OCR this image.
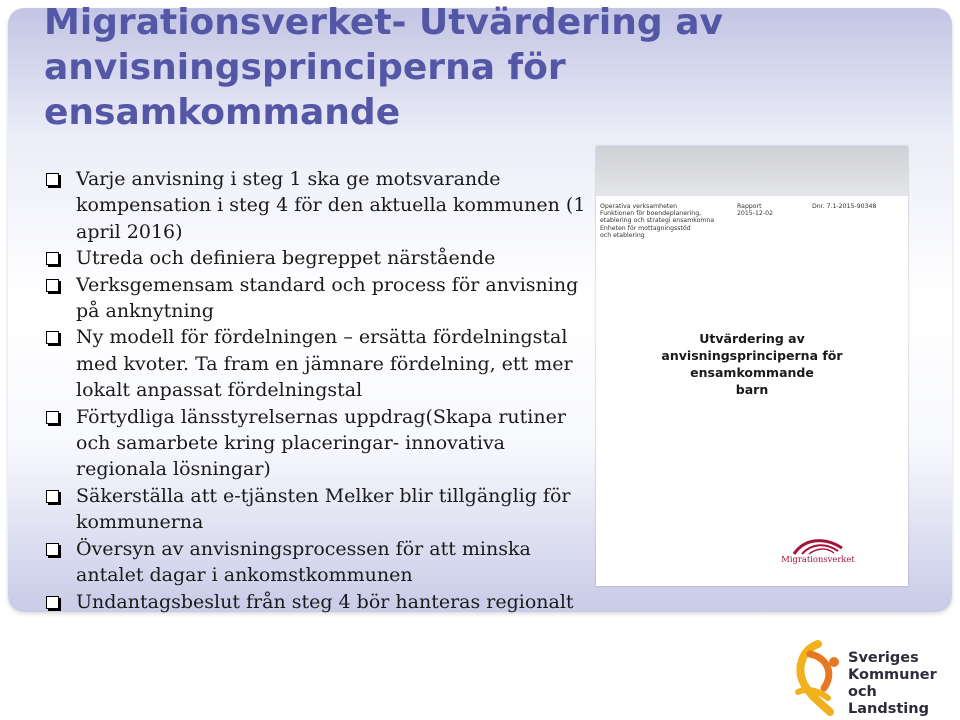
Migrationsverket- Utvärdering av anvisningsprinciperna för ensamkommande
Varje anvisning i steg 1 ska ge motsvarande kompensation i steg 4 för den aktuella kommunen (1 april 2016)
Utreda och definiera begreppet närstående
Verksgemensam standard och process för anvisning på anknytning
Ny modell för fördelningen – ersätta fördelningstal med kvoter. Ta fram en jämnare fördelning, ett mer lokalt anpassat fördelningstal
Förtydliga länsstyrelsernas uppdrag(Skapa rutiner och samarbete kring placeringar- innovativa regionala lösningar)
Säkerställa att e-tjänsten Melker blir tillgänglig för kommunerna
Översyn av anvisningsprocessen för att minska antalet dagar i ankomstkommunen
Undantagsbeslut från steg 4 bör hanteras regionalt
Operativa verksamheten
Funktionen för boendeplanering,
etablering och strategi ensamkomna
Enheten för mottagningsstöd
och etablering
Rapport
2015-12-02
Dnr. 7.1-2015-90348
Utvärdering av
anvisningsprinciperna för
ensamkommande
barn
Migrationsverket
Sveriges
Kommuner
och Landsting
